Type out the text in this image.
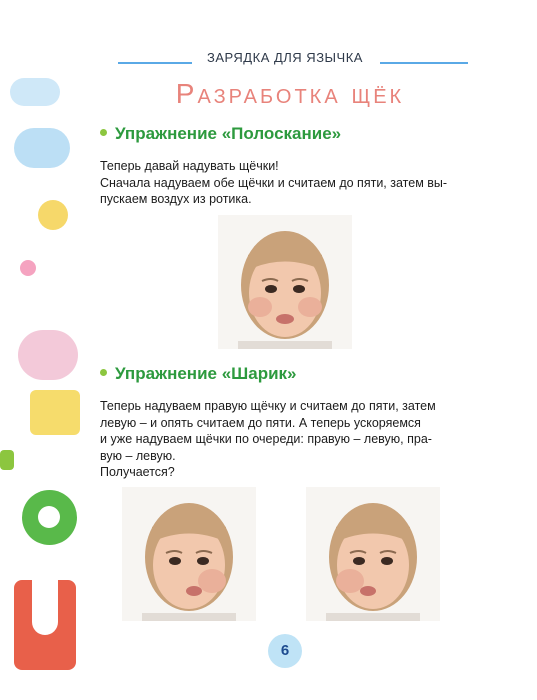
ЗАРЯДКА ДЛЯ ЯЗЫЧКА
Разработка щёк
Упражнение «Полоскание»
Теперь давай надувать щёчки!
Сначала надуваем обе щёчки и считаем до пяти, затем вы-
пускаем воздух из ротика.
Упражнение «Шарик»
Теперь надуваем правую щёчку и считаем до пяти, затем
левую – и опять считаем до пяти. А теперь ускоряемся
и уже надуваем щёчки по очереди: правую – левую, пра-
вую – левую.
Получается?
6
